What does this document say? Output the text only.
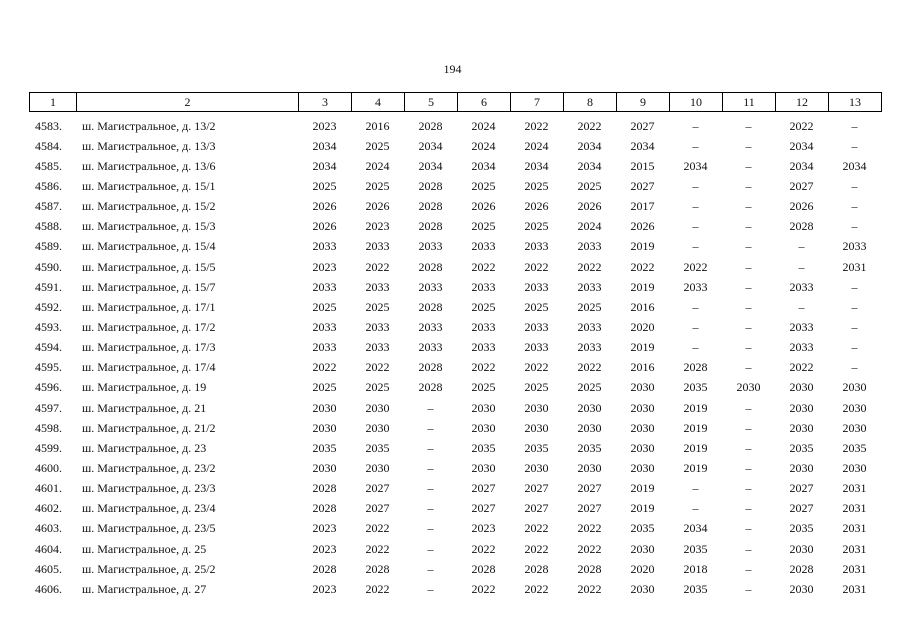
194
1	2	3	4	5	6	7	8	9	10	11	12	13
4583.	ш. Магистральное, д. 13/2	2023	2016	2028	2024	2022	2022	2027	–	–	2022	–
4584.	ш. Магистральное, д. 13/3	2034	2025	2034	2024	2024	2034	2034	–	–	2034	–
4585.	ш. Магистральное, д. 13/6	2034	2024	2034	2034	2034	2034	2015	2034	–	2034	2034
4586.	ш. Магистральное, д. 15/1	2025	2025	2028	2025	2025	2025	2027	–	–	2027	–
4587.	ш. Магистральное, д. 15/2	2026	2026	2028	2026	2026	2026	2017	–	–	2026	–
4588.	ш. Магистральное, д. 15/3	2026	2023	2028	2025	2025	2024	2026	–	–	2028	–
4589.	ш. Магистральное, д. 15/4	2033	2033	2033	2033	2033	2033	2019	–	–	–	2033
4590.	ш. Магистральное, д. 15/5	2023	2022	2028	2022	2022	2022	2022	2022	–	–	2031
4591.	ш. Магистральное, д. 15/7	2033	2033	2033	2033	2033	2033	2019	2033	–	2033	–
4592.	ш. Магистральное, д. 17/1	2025	2025	2028	2025	2025	2025	2016	–	–	–	–
4593.	ш. Магистральное, д. 17/2	2033	2033	2033	2033	2033	2033	2020	–	–	2033	–
4594.	ш. Магистральное, д. 17/3	2033	2033	2033	2033	2033	2033	2019	–	–	2033	–
4595.	ш. Магистральное, д. 17/4	2022	2022	2028	2022	2022	2022	2016	2028	–	2022	–
4596.	ш. Магистральное, д. 19	2025	2025	2028	2025	2025	2025	2030	2035	2030	2030	2030
4597.	ш. Магистральное, д. 21	2030	2030	–	2030	2030	2030	2030	2019	–	2030	2030
4598.	ш. Магистральное, д. 21/2	2030	2030	–	2030	2030	2030	2030	2019	–	2030	2030
4599.	ш. Магистральное, д. 23	2035	2035	–	2035	2035	2035	2030	2019	–	2035	2035
4600.	ш. Магистральное, д. 23/2	2030	2030	–	2030	2030	2030	2030	2019	–	2030	2030
4601.	ш. Магистральное, д. 23/3	2028	2027	–	2027	2027	2027	2019	–	–	2027	2031
4602.	ш. Магистральное, д. 23/4	2028	2027	–	2027	2027	2027	2019	–	–	2027	2031
4603.	ш. Магистральное, д. 23/5	2023	2022	–	2023	2022	2022	2035	2034	–	2035	2031
4604.	ш. Магистральное, д. 25	2023	2022	–	2022	2022	2022	2030	2035	–	2030	2031
4605.	ш. Магистральное, д. 25/2	2028	2028	–	2028	2028	2028	2020	2018	–	2028	2031
4606.	ш. Магистральное, д. 27	2023	2022	–	2022	2022	2022	2030	2035	–	2030	2031
